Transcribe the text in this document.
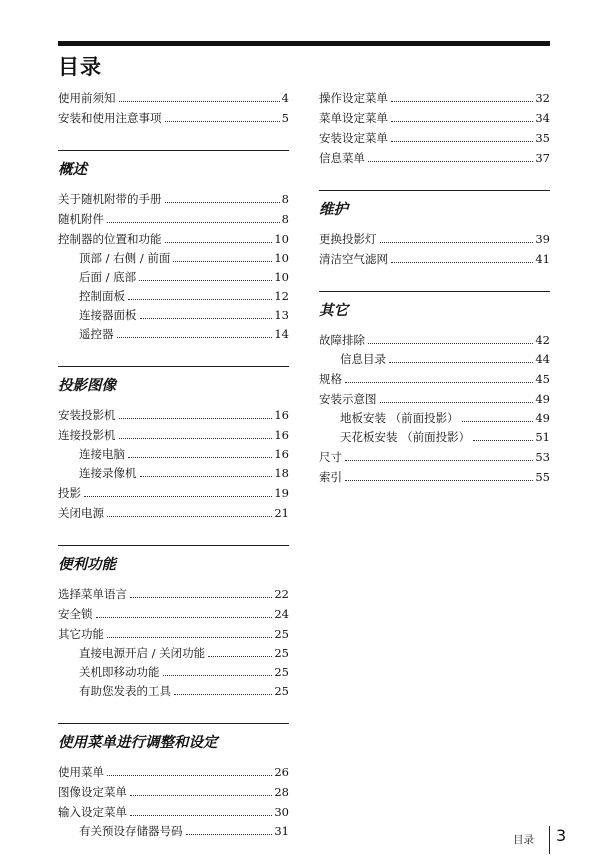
目录
使用前须知	4
安装和使用注意事项	5
概述
关于随机附带的手册	8
随机附件	8
控制器的位置和功能	10
顶部 / 右侧 / 前面	10
后面 / 底部	10
控制面板	12
连接器面板	13
遥控器	14
投影图像
安装投影机	16
连接投影机	16
连接电脑	16
连接录像机	18
投影	19
关闭电源	21
便利功能
选择菜单语言	22
安全锁	24
其它功能	25
直接电源开启 / 关闭功能	25
关机即移动功能	25
有助您发表的工具	25
使用菜单进行调整和设定
使用菜单	26
图像设定菜单	28
输入设定菜单	30
有关预设存储器号码	31
操作设定菜单	32
菜单设定菜单	34
安装设定菜单	35
信息菜单	37
维护
更换投影灯	39
清洁空气滤网	41
其它
故障排除	42
信息目录	44
规格	45
安装示意图	49
地板安装 （前面投影）	49
天花板安装 （前面投影）	51
尺寸	53
索引	55
目录 3
